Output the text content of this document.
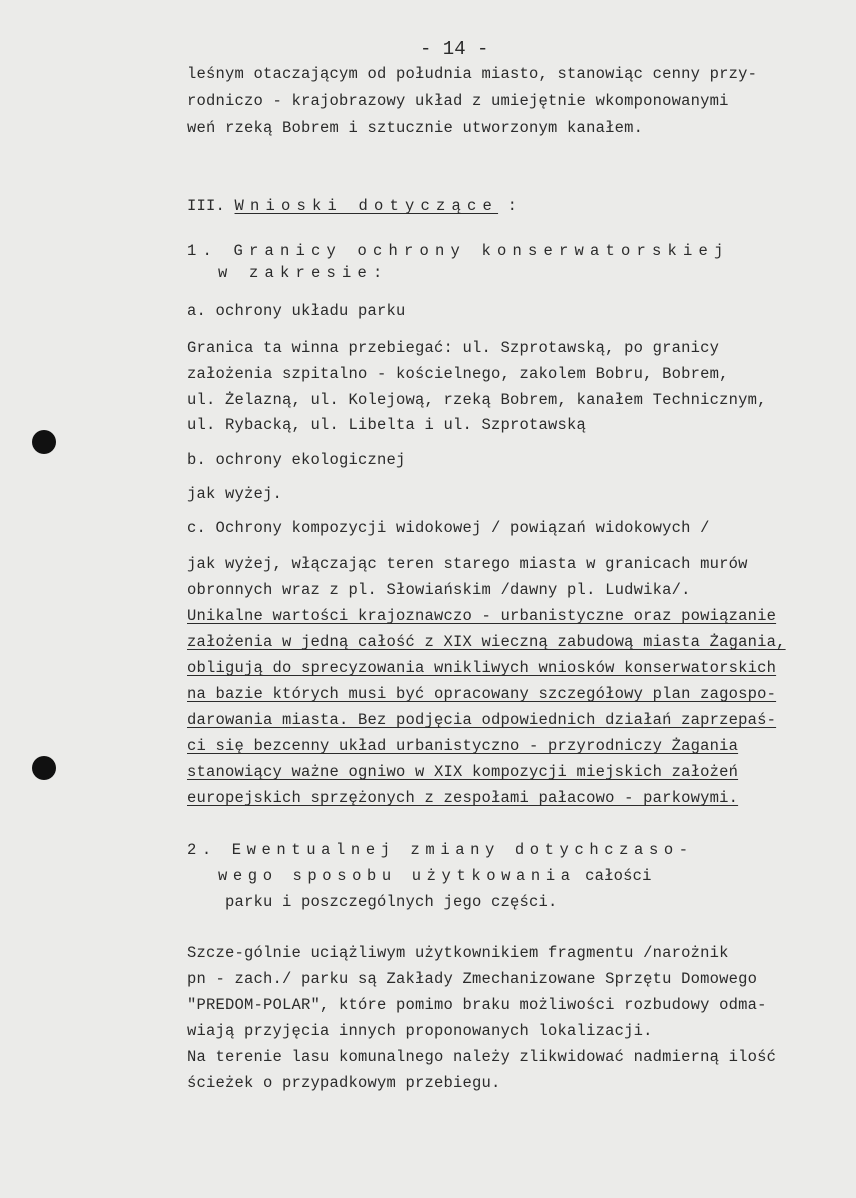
- 14 -
leśnym otaczającym od południa miasto, stanowiąc cenny przy-
rodniczo - krajobrazowy układ z umiejętnie wkomponowanymi
weń rzeką Bobrem i sztucznie utworzonym kanałem.
III. Wnioski dotyczące :
1. Granicy ochrony konserwatorskiej
w zakresie:
a. ochrony układu parku
Granica ta winna przebiegać: ul. Szprotawską, po granicy
założenia szpitalno - kościelnego, zakolem Bobru, Bobrem,
ul. Żelazną, ul. Kolejową, rzeką Bobrem, kanałem Technicznym,
ul. Rybacką, ul. Libelta i ul. Szprotawską
b. ochrony ekologicznej
jak wyżej.
c. Ochrony kompozycji widokowej / powiązań widokowych /
jak wyżej, włączając teren starego miasta w granicach murów
obronnych wraz z pl. Słowiańskim /dawny pl. Ludwika/.
Unikalne wartości krajoznawczo - urbanistyczne oraz powiązanie
założenia w jedną całość z XIX wieczną zabudową miasta Żagania,
obligują do sprecyzowania wnikliwych wniosków konserwatorskich
na bazie których musi być opracowany szczegółowy plan zagospo-
darowania miasta. Bez podjęcia odpowiednich działań zaprzepaś-
ci się bezcenny układ urbanistyczno - przyrodniczy Żagania
stanowiący ważne ogniwo w XIX kompozycji miejskich założeń
europejskich sprzężonych z zespołami pałacowo - parkowymi.
2. Ewentualnej zmiany dotychczaso-
wego sposobu użytkowania całości
parku i poszczególnych jego części.
Szcze-gólnie uciążliwym użytkownikiem fragmentu /narożnik
pn - zach./ parku są Zakłady Zmechanizowane Sprzętu Domowego
"PREDOM-POLAR", które pomimo braku możliwości rozbudowy odma-
wiają przyjęcia innych proponowanych lokalizacji.
Na terenie lasu komunalnego należy zlikwidować nadmierną ilość
ścieżek o przypadkowym przebiegu.
